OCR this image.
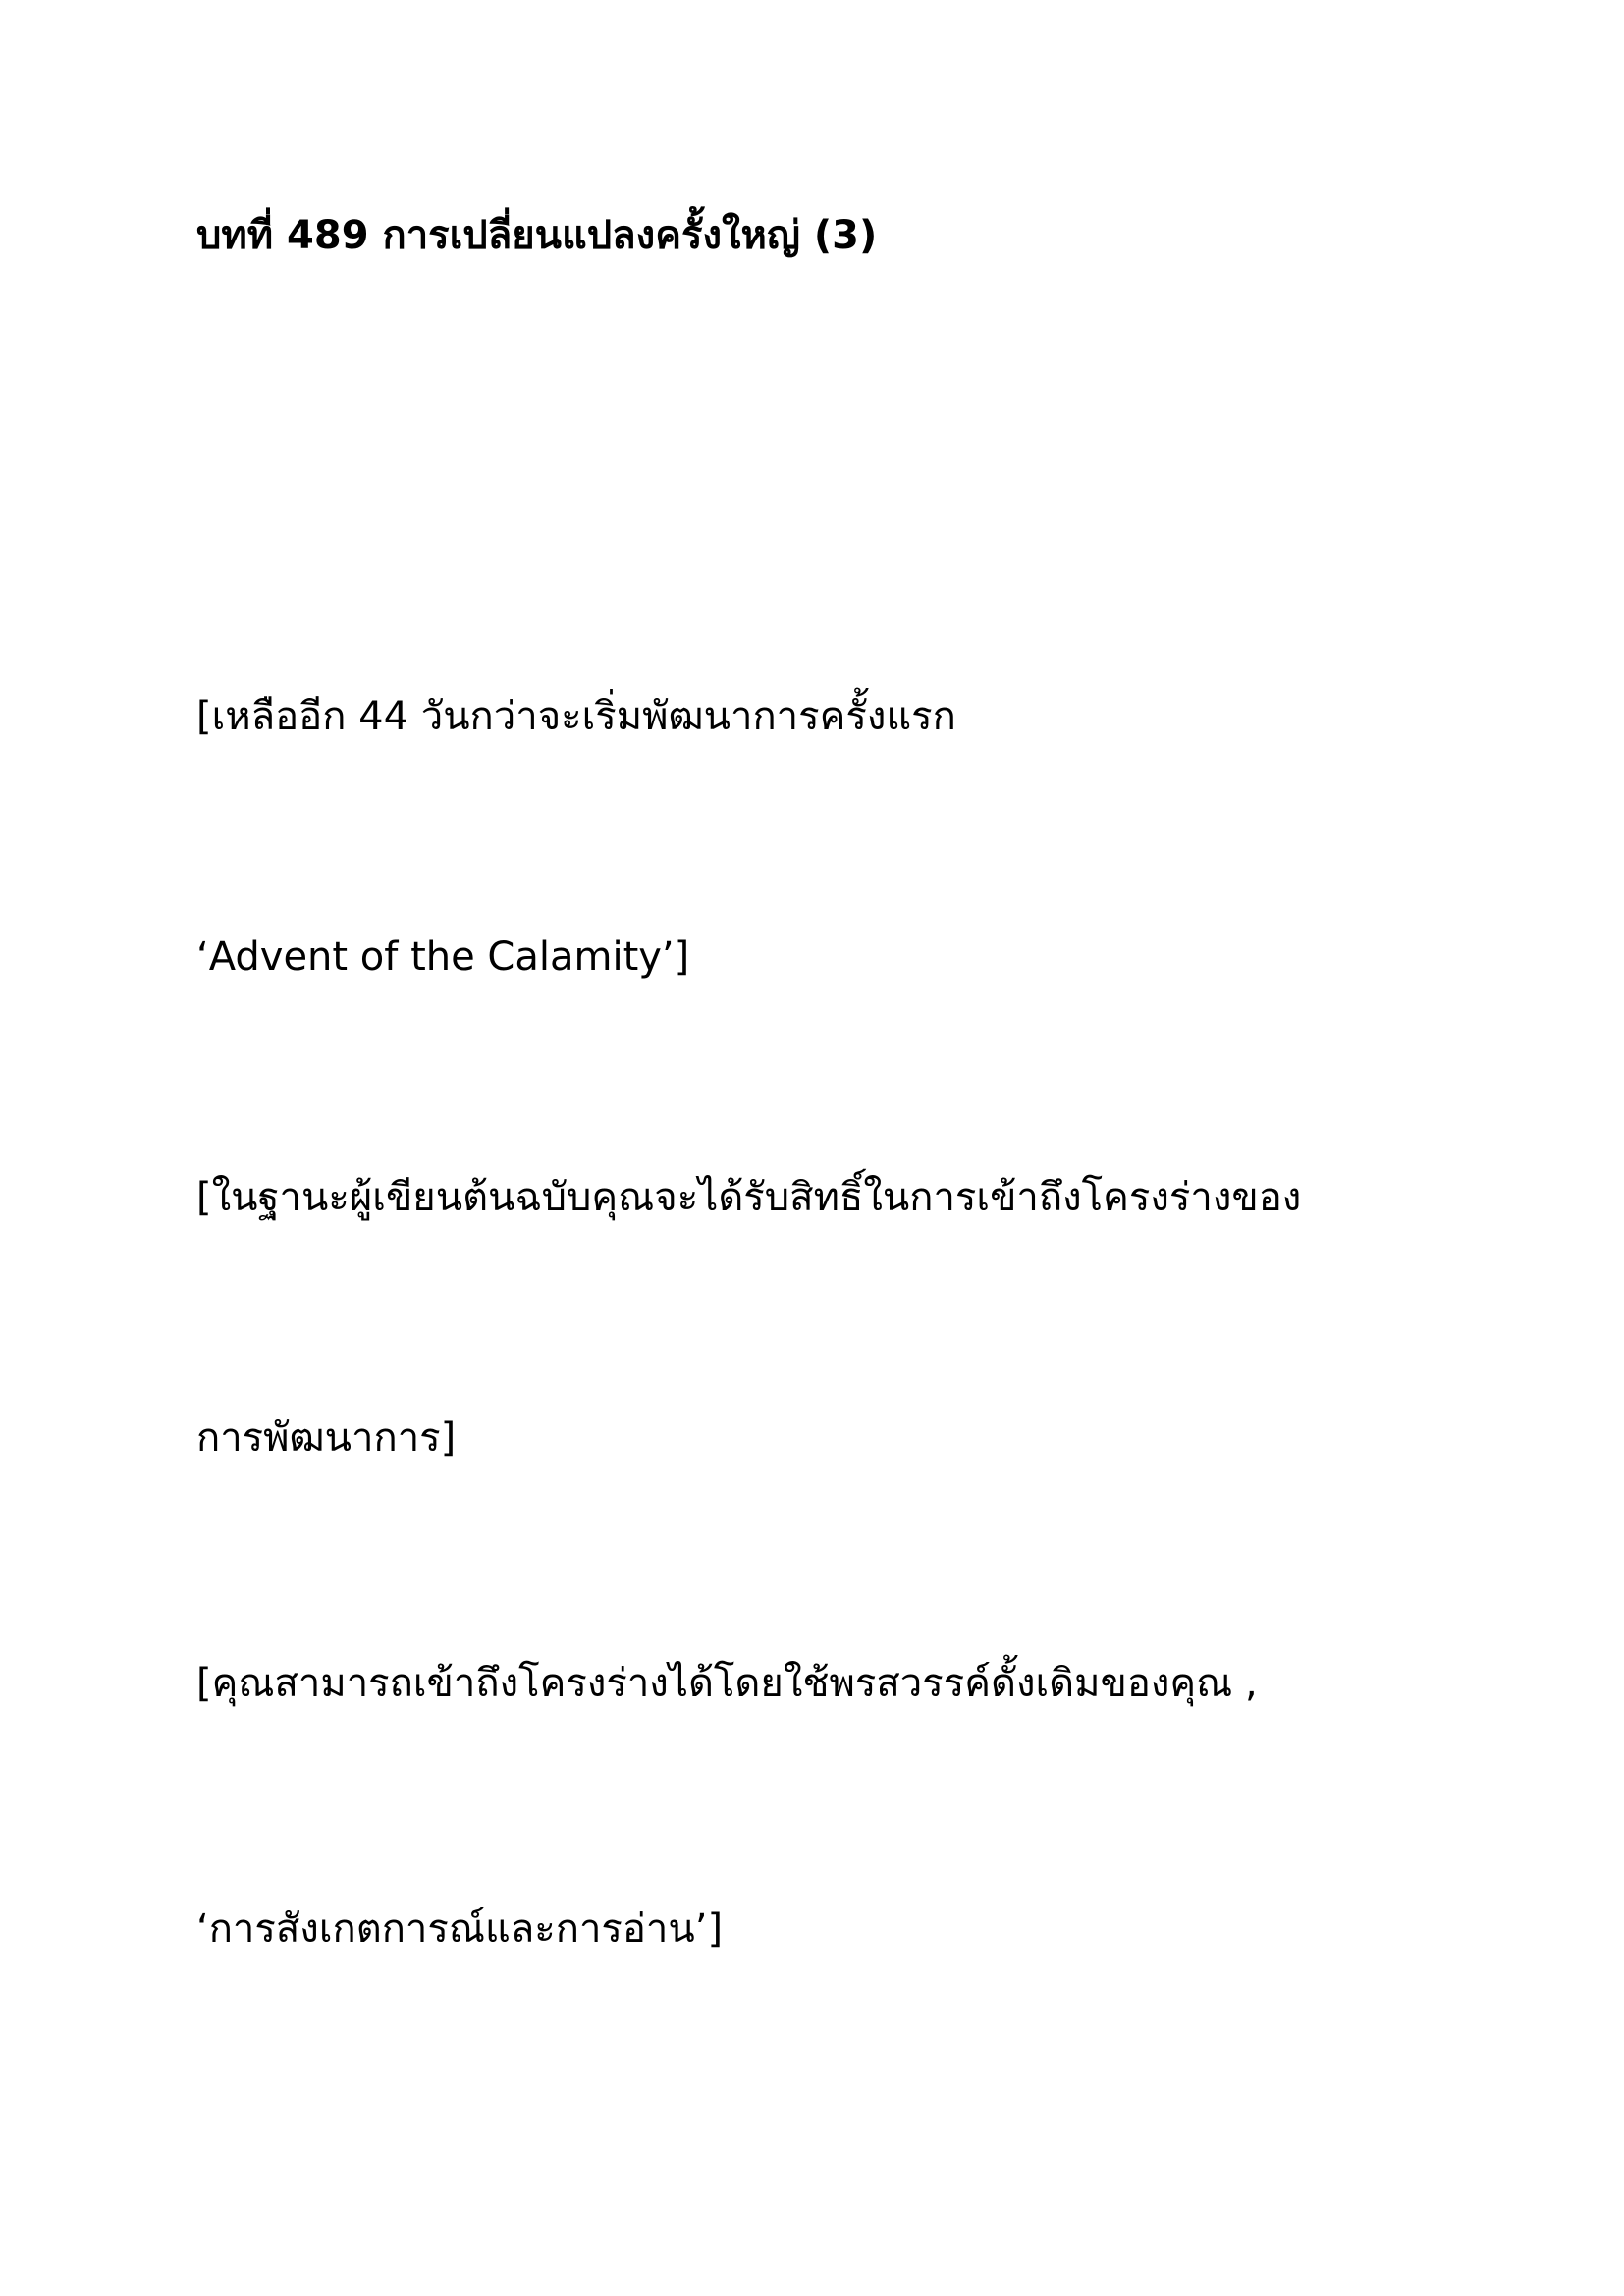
บทที่ 489 การเปลี่ยนแปลงครั้งใหญ่ (3)
[เหลืออีก 44 วันกว่าจะเริ่มพัฒนาการครั้งแรก
‘Advent of the Calamity’]
[ในฐานะผู้เขียนต้นฉบับคุณจะได้รับสิทธิ์ในการเข้าถึงโครงร่างของ
การพัฒนาการ]
[คุณสามารถเข้าถึงโครงร่างได้โดยใช้พรสวรรค์ดั้งเดิมของคุณ ,
‘การสังเกตการณ์และการอ่าน’]
